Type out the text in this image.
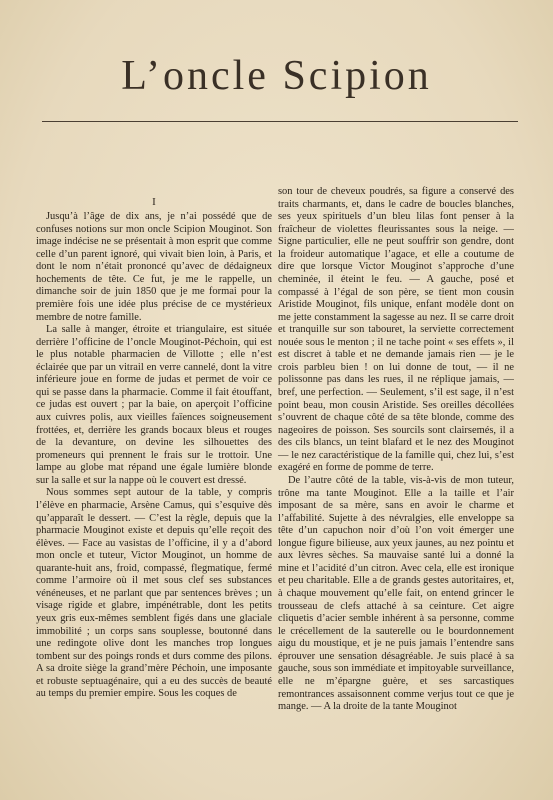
L’oncle Scipion
I

Jusqu’à l’âge de dix ans, je n’ai possédé que de confuses notions sur mon oncle Scipion Mouginot. Son image indécise ne se présentait à mon esprit que comme celle d’un parent ignoré, qui vivait bien loin, à Paris, et dont le nom n’était prononcé qu’avec de dédaigneux hochements de tête. Ce fut, je me le rappelle, un dimanche soir de juin 1850 que je me formai pour la première fois une idée plus précise de ce mystérieux membre de notre famille.

La salle à manger, étroite et triangulaire, est située derrière l’officine de l’oncle Mouginot-Péchoin, qui est le plus notable pharmacien de Villotte ; elle n’est éclairée que par un vitrail en verre cannelé, dont la vitre inférieure joue en forme de judas et permet de voir ce qui se passe dans la pharmacie. Comme il fait étouffant, ce judas est ouvert ; par la baie, on aperçoit l’officine aux cuivres polis, aux vieilles faïences soigneusement frottées, et, derrière les grands bocaux bleus et rouges de la devanture, on devine les silhouettes des promeneurs qui prennent le frais sur le trottoir. Une lampe au globe mat répand une égale lumière blonde sur la salle et sur la nappe où le couvert est dressé.

Nous sommes sept autour de la table, y compris l’élève en pharmacie, Arsène Camus, qui s’esquive dès qu’apparaît le dessert. — C’est la règle, depuis que la pharmacie Mouginot existe et depuis qu’elle reçoit des élèves. — Face au vasistas de l’officine, il y a d’abord mon oncle et tuteur, Victor Mouginot, un homme de quarante-huit ans, froid, compassé, flegmatique, fermé comme l’armoire où il met sous clef ses substances vénéneuses, et ne parlant que par sentences brèves ; un visage rigide et glabre, impénétrable, dont les petits yeux gris eux-mêmes semblent figés dans une glaciale immobilité ; un corps sans souplesse, boutonné dans une redingote olive dont les manches trop longues tombent sur des poings ronds et durs comme des pilons. A sa droite siège la grand’mère Péchoin, une imposante et robuste septuagénaire, qui a eu des succès de beauté au temps du premier empire. Sous les coques de

son tour de cheveux poudrés, sa figure a conservé des traits charmants, et, dans le cadre de boucles blanches, ses yeux spirituels d’un bleu lilas font penser à la fraîcheur de violettes fleurissantes sous la neige. — Signe particulier, elle ne peut souffrir son gendre, dont la froideur automatique l’agace, et elle a coutume de dire que lorsque Victor Mouginot s’approche d’une cheminée, il éteint le feu. — A gauche, posé et compassé à l’égal de son père, se tient mon cousin Aristide Mouginot, fils unique, enfant modèle dont on me jette constamment la sagesse au nez. Il se carre droit et tranquille sur son tabouret, la serviette correctement nouée sous le menton ; il ne tache point « ses effets », il est discret à table et ne demande jamais rien — je le crois parbleu bien ! on lui donne de tout, — il ne polissonne pas dans les rues, il ne réplique jamais, — bref, une perfection. — Seulement, s’il est sage, il n’est point beau, mon cousin Aristide. Ses oreilles décollées s’ouvrent de chaque côté de sa tête blonde, comme des nageoires de poisson. Ses sourcils sont clairsemés, il a des cils blancs, un teint blafard et le nez des Mouginot — le nez caractéristique de la famille qui, chez lui, s’est exagéré en forme de pomme de terre.

De l’autre côté de la table, vis-à-vis de mon tuteur, trône ma tante Mouginot. Elle a la taille et l’air imposant de sa mère, sans en avoir le charme et l’affabilité. Sujette à des névralgies, elle enveloppe sa tête d’un capuchon noir d’où l’on voit émerger une longue figure bilieuse, aux yeux jaunes, au nez pointu et aux lèvres sèches. Sa mauvaise santé lui a donné la mine et l’acidité d’un citron. Avec cela, elle est ironique et peu charitable. Elle a de grands gestes autoritaires, et, à chaque mouvement qu’elle fait, on entend grincer le trousseau de clefs attaché à sa ceinture. Cet aigre cliquetis d’acier semble inhérent à sa personne, comme le crécellement de la sauterelle ou le bourdonnement aigu du moustique, et je ne puis jamais l’entendre sans éprouver une sensation désagréable. Je suis placé à sa gauche, sous son immédiate et impitoyable surveillance, elle ne m’épargne guère, et ses sarcastiques remontrances assaisonnent comme verjus tout ce que je mange. — A la droite de la tante Mouginot
